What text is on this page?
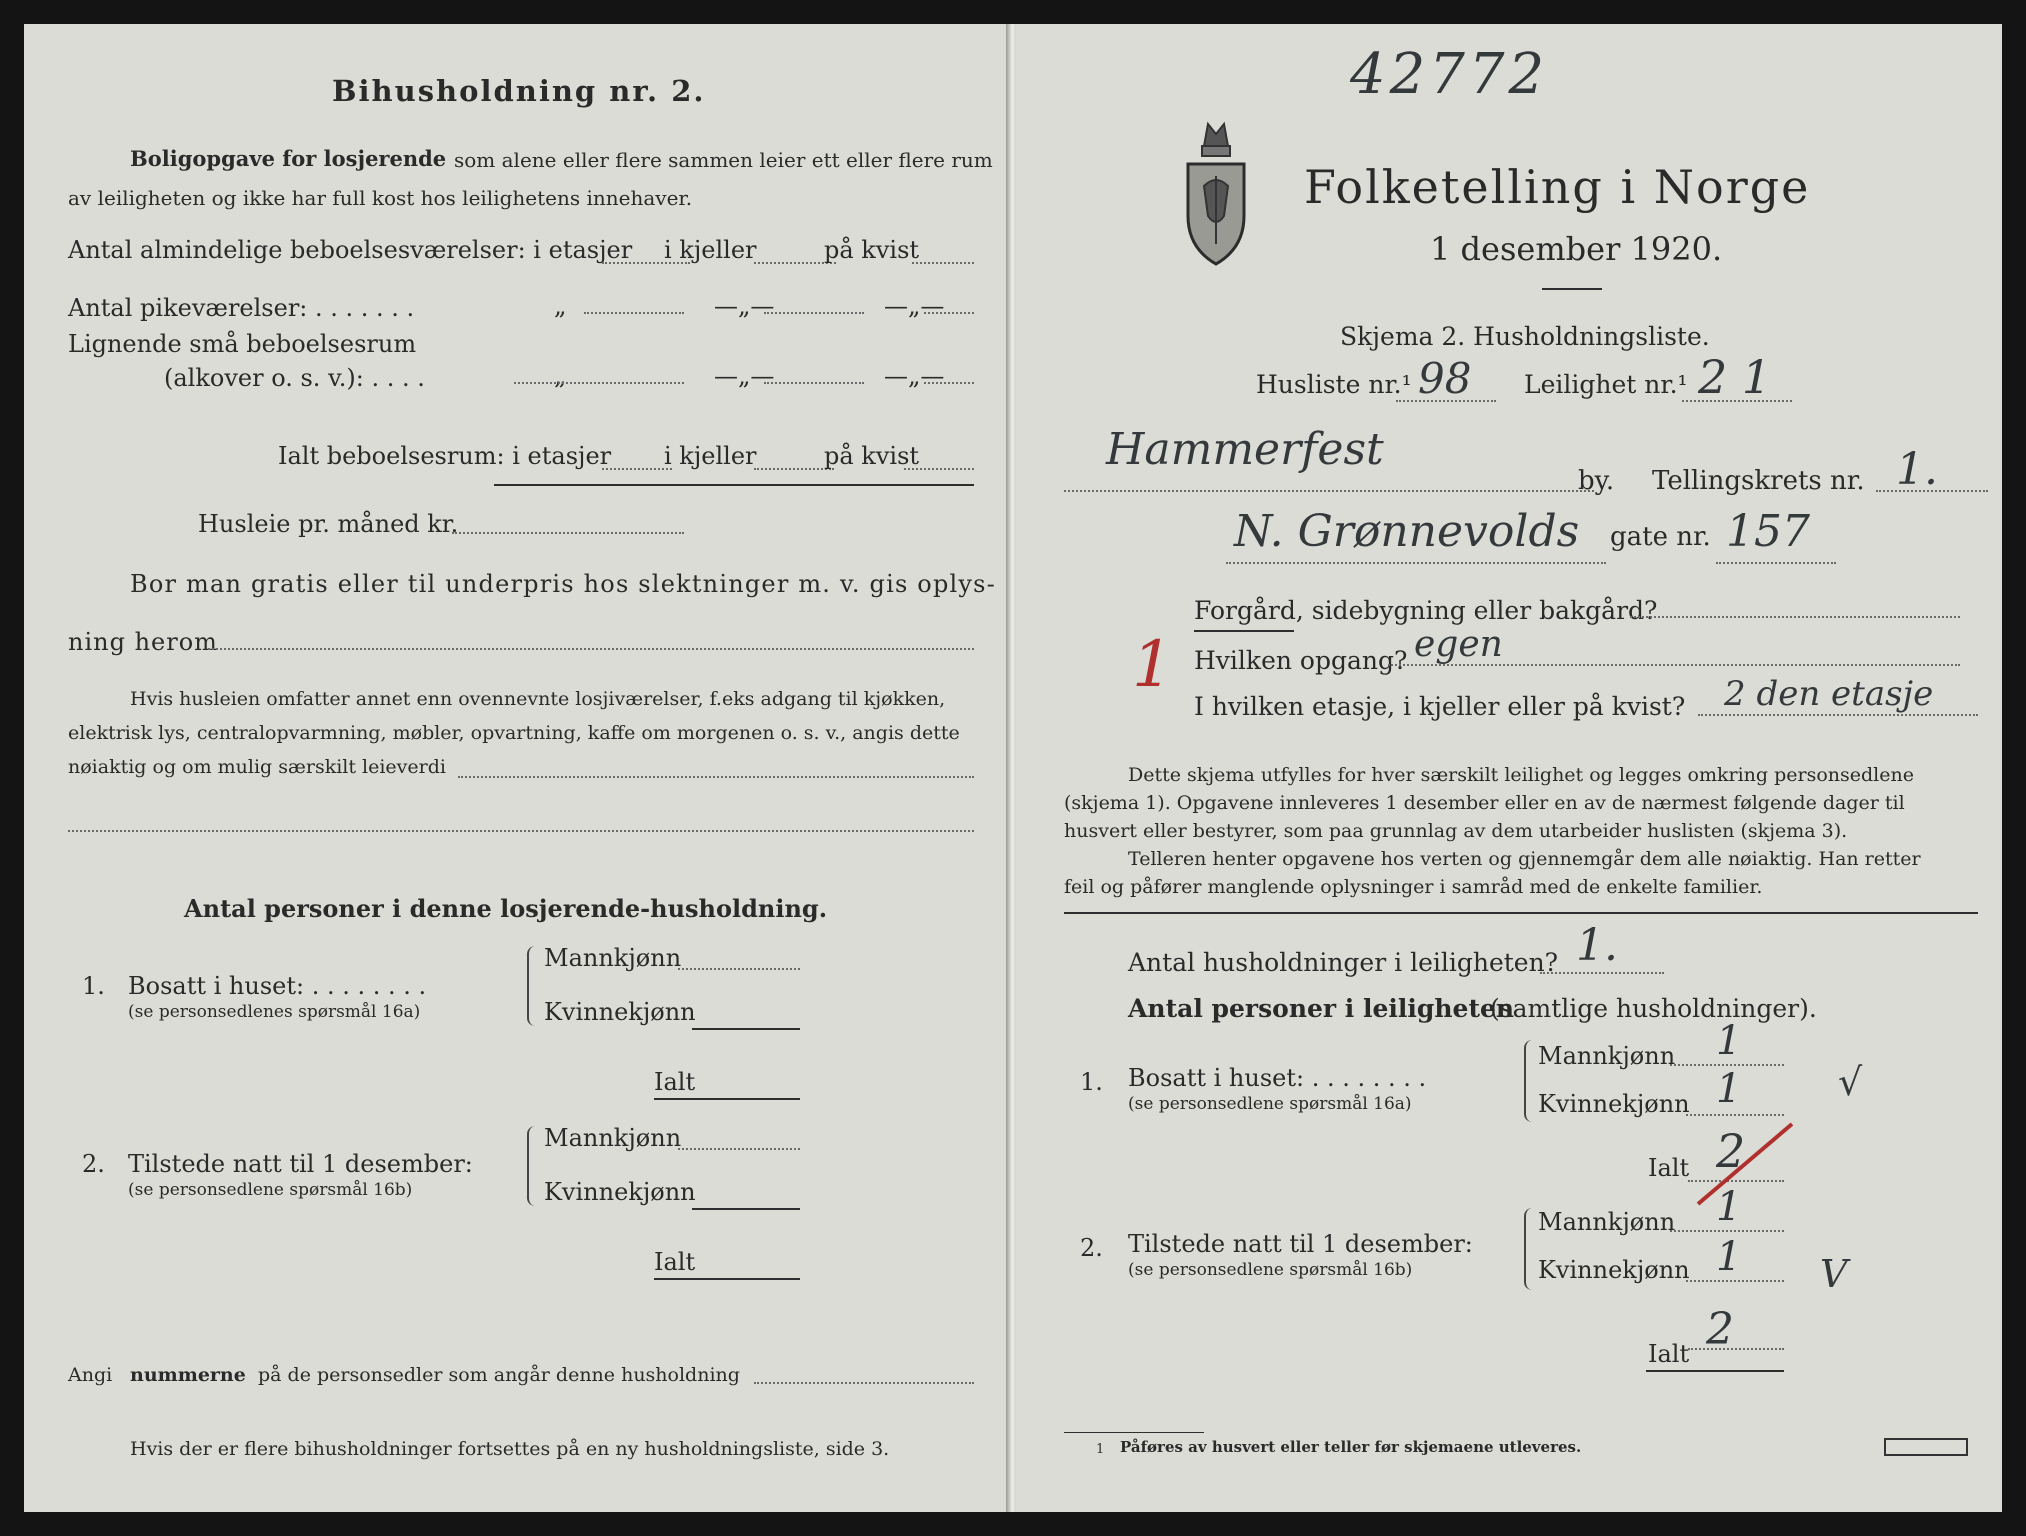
Bihusholdning nr. 2.
Boligopgave for losjerende som alene eller flere sammen leier ett eller flere rum
av leiligheten og ikke har full kost hos leilighetens innehaver.
Antal almindelige beboelsesværelser: i etasjer i kjeller	på kvist
Antal pikeværelser: . . . . . . .	„	—„—	—„—
Lignende små beboelsesrum
(alkover o. s. v.): . . . .	„	—„—	—„—
Ialt beboelsesrum: i etasjer i kjeller	på kvist
Husleie pr. måned kr.
Bor man gratis eller til underpris hos slektninger m. v. gis oplys-
ning herom
Hvis husleien omfatter annet enn ovennevnte losjiværelser, f.eks adgang til kjøkken,
elektrisk lys, centralopvarmning, møbler, opvartning, kaffe om morgenen o. s. v., angis dette
nøiaktig og om mulig særskilt leieverdi
Antal personer i denne losjerende-husholdning.
1. Bosatt i huset: . . . . . . . .
(se personsedlenes spørsmål 16a)
Mannkjønn
Kvinnekjønn
Ialt
2. Tilstede natt til 1 desember:
(se personsedlene spørsmål 16b)
Mannkjønn
Kvinnekjønn
Ialt
Angi nummerne på de personsedler som angår denne husholdning
Hvis der er flere bihusholdninger fortsettes på en ny husholdningsliste, side 3.
42772
Folketelling i Norge
1 desember 1920.
Skjema 2. Husholdningsliste.
Husliste nr.¹ 98 Leilighet nr.¹ 2 1
Hammerfest
by. Tellingskrets nr. 1.
N. Grønnevolds gate nr. 157
Forgård, sidebygning eller bakgård?
1 Hvilken opgang? egen
I hvilken etasje, i kjeller eller på kvist? 2 den etasje
Dette skjema utfylles for hver særskilt leilighet og legges omkring personsedlene
(skjema 1). Opgavene innleveres 1 desember eller en av de nærmest følgende dager til
husvert eller bestyrer, som paa grunnlag av dem utarbeider huslisten (skjema 3).
Telleren henter opgavene hos verten og gjennemgår dem alle nøiaktig. Han retter
feil og påfører manglende oplysninger i samråd med de enkelte familier.
Antal husholdninger i leiligheten? 1.
Antal personer i leiligheten
(samtlige husholdninger).
1. Bosatt i huset: . . . . . . . .
(se personsedlene spørsmål 16a)
Mannkjønn 1
Kvinnekjønn 1	√
Ialt 2
2. Tilstede natt til 1 desember:
(se personsedlene spørsmål 16b)
Mannkjønn 1
Kvinnekjønn 1 V
Ialt 2
1 Påføres av husvert eller teller før skjemaene utleveres.
